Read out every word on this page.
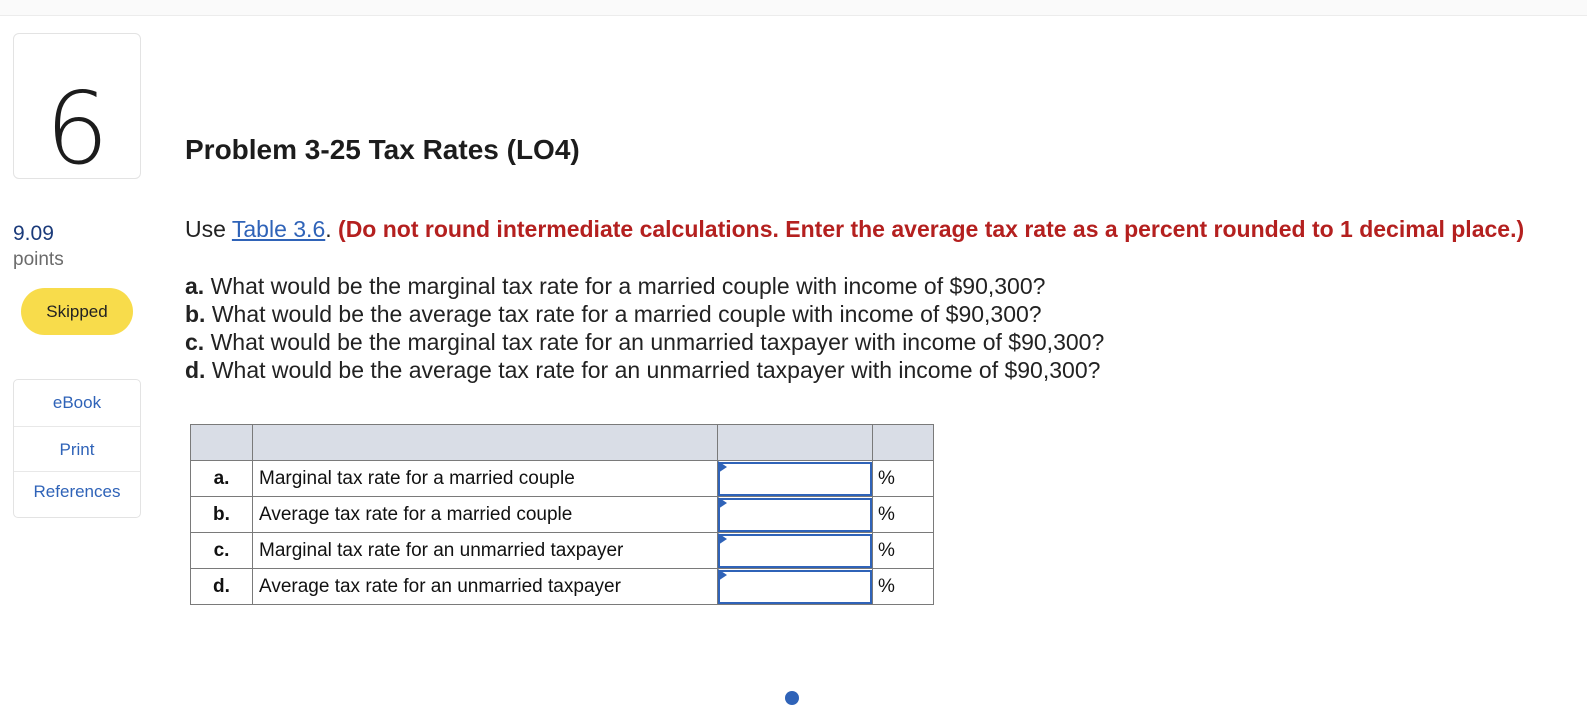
6
9.09
points
Skipped
eBook
Print
References
Problem 3-25 Tax Rates (LO4)
Use Table 3.6. (Do not round intermediate calculations. Enter the average tax rate as a percent rounded to 1 decimal place.)
a. What would be the marginal tax rate for a married couple with income of $90,300?
b. What would be the average tax rate for a married couple with income of $90,300?
c. What would be the marginal tax rate for an unmarried taxpayer with income of $90,300?
d. What would be the average tax rate for an unmarried taxpayer with income of $90,300?

a.	Marginal tax rate for a married couple		%
b.	Average tax rate for a married couple		%
c.	Marginal tax rate for an unmarried taxpayer		%
d.	Average tax rate for an unmarried taxpayer		%
